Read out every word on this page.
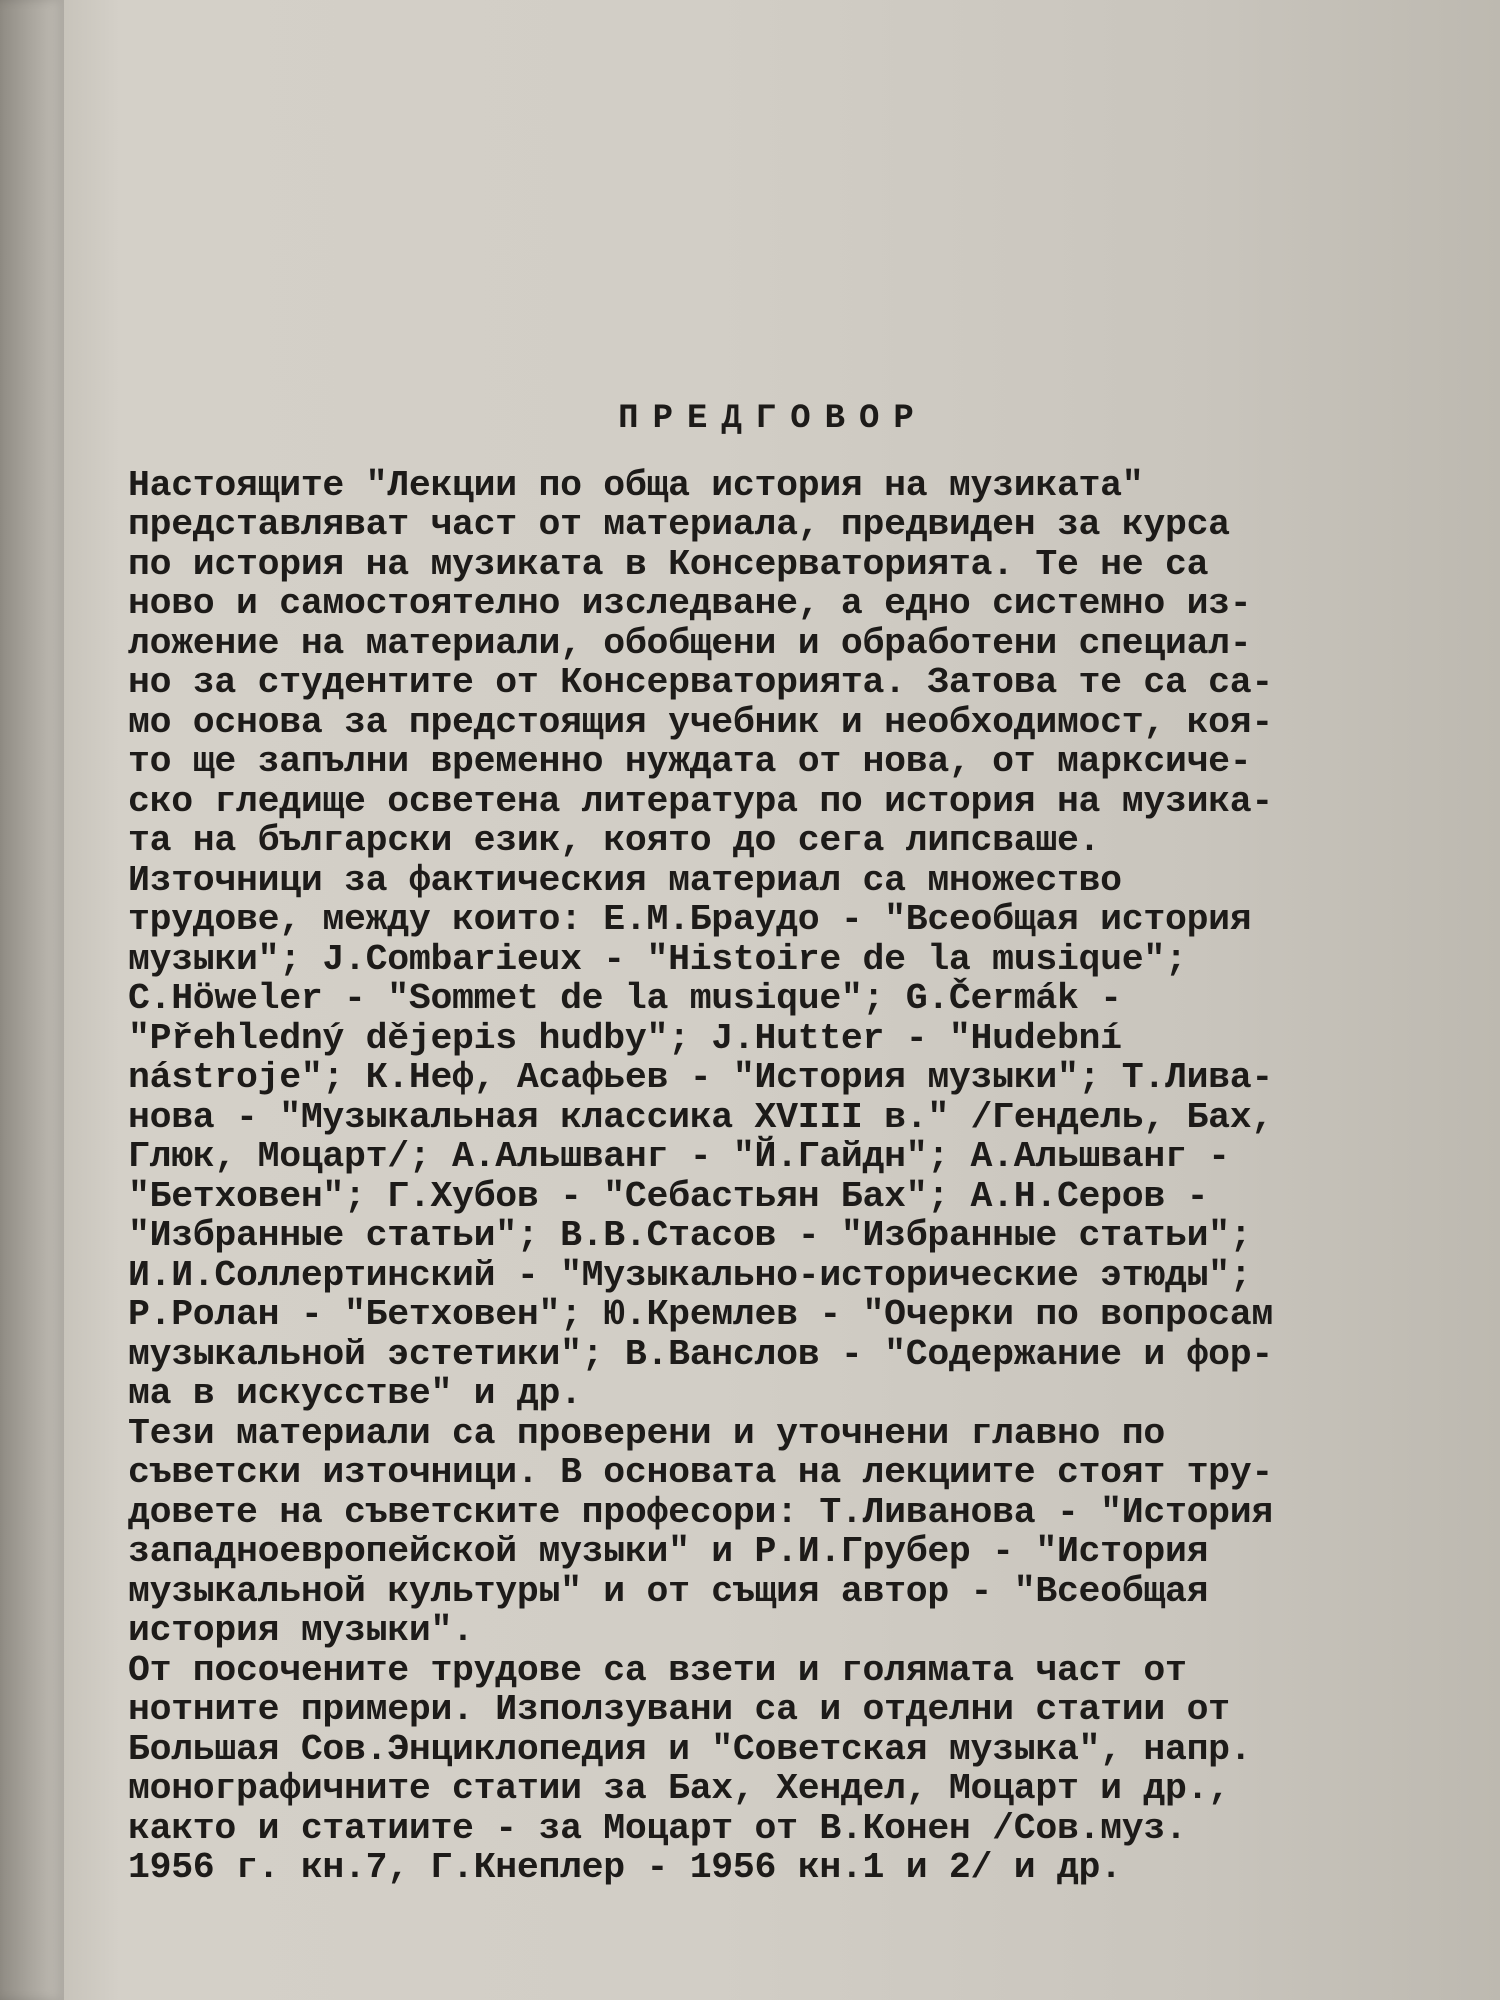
ПРЕДГОВОР

Настоящите "Лекции по обща история на музиката"
представляват част от материала, предвиден за курса
по история на музиката в Консерваторията. Те не са
ново и самостоятелно изследване, а едно системно из-
ложение на материали, обобщени и обработени специал-
но за студентите от Консерваторията. Затова те са са-
мо основа за предстоящия учебник и необходимост, коя-
то ще запълни временно нуждата от нова, от марксиче-
ско гледище осветена литература по история на музика-
та на български език, която до сега липсваше.

Източници за фактическия материал са множество
трудове, между които: Е.М.Браудо - "Всеобщая история
музыки"; J.Combarieux - "Histoire de la musique";
C.Höweler - "Sommet de la musique"; G.Čermák -
"Přehledný dějepis hudby"; J.Hutter - "Hudební
nástroje"; К.Неф, Асафьев - "История музыки"; Т.Лива-
нова - "Музыкальная классика XVIII в." /Гендель, Бах,
Глюк, Моцарт/; А.Альшванг - "Й.Гайдн"; А.Альшванг -
"Бетховен"; Г.Хубов - "Себастьян Бах"; А.Н.Серов -
"Избранные статьи"; В.В.Стасов - "Избранные статьи";
И.И.Соллертинский - "Музыкально-исторические этюды";
Р.Ролан - "Бетховен"; Ю.Кремлев - "Очерки по вопросам
музыкальной эстетики"; В.Ванслов - "Содержание и фор-
ма в искусстве" и др.

Тези материали са проверени и уточнени главно по
съветски източници. В основата на лекциите стоят тру-
довете на съветските професори: Т.Ливанова - "История
западноевропейской музыки" и Р.И.Грубер - "История
музыкальной культуры" и от същия автор - "Всеобщая
история музыки".

От посочените трудове са взети и голямата част от
нотните примери. Използувани са и отделни статии от
Большая Сов.Энциклопедия и "Советская музыка", напр.
монографичните статии за Бах, Хендел, Моцарт и др.,
както и статиите - за Моцарт от В.Конен /Сов.муз.
1956 г. кн.7, Г.Кнеплер - 1956 кн.1 и 2/ и др.
